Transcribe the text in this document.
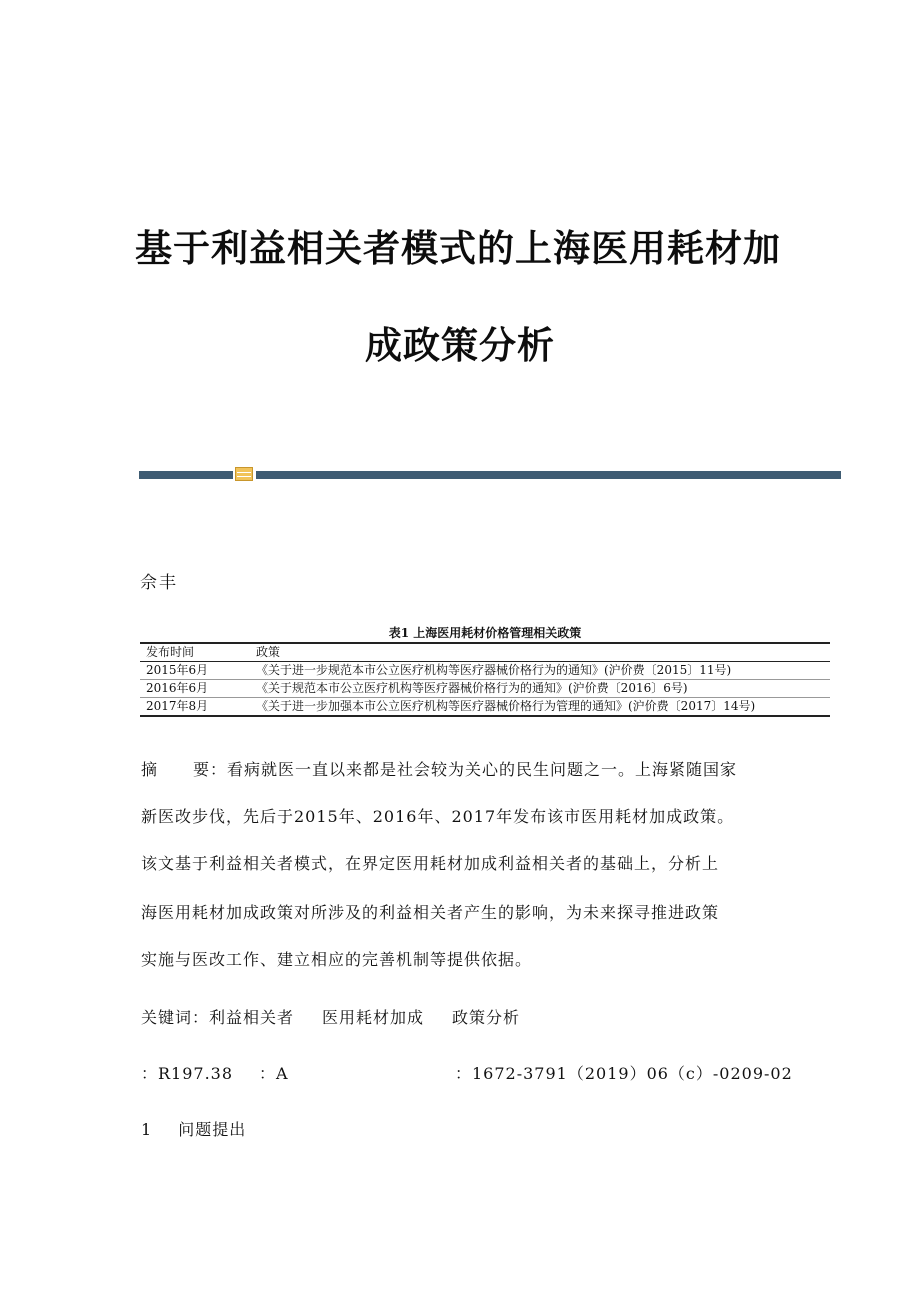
基于利益相关者模式的上海医用耗材加
成政策分析
佘丰
表1 上海医用耗材价格管理相关政策
发布时间	政策
2015年6月	《关于进一步规范本市公立医疗机构等医疗器械价格行为的通知》(沪价费〔2015〕11号)
2016年6月	《关于规范本市公立医疗机构等医疗器械价格行为的通知》(沪价费〔2016〕6号)
2017年8月	《关于进一步加强本市公立医疗机构等医疗器械价格行为管理的通知》(沪价费〔2017〕14号)
摘 要：看病就医一直以来都是社会较为关心的民生问题之一。上海紧随国家
新医改步伐，先后于2015年、2016年、2017年发布该市医用耗材加成政策。
该文基于利益相关者模式，在界定医用耗材加成利益相关者的基础上，分析上
海医用耗材加成政策对所涉及的利益相关者产生的影响，为未来探寻推进政策
实施与医改工作、建立相应的完善机制等提供依据。
关键词：利益相关者 医用耗材加成 政策分析
：R197.38 ：A	：1672-3791（2019）06（c）-0209-02
1 问题提出
